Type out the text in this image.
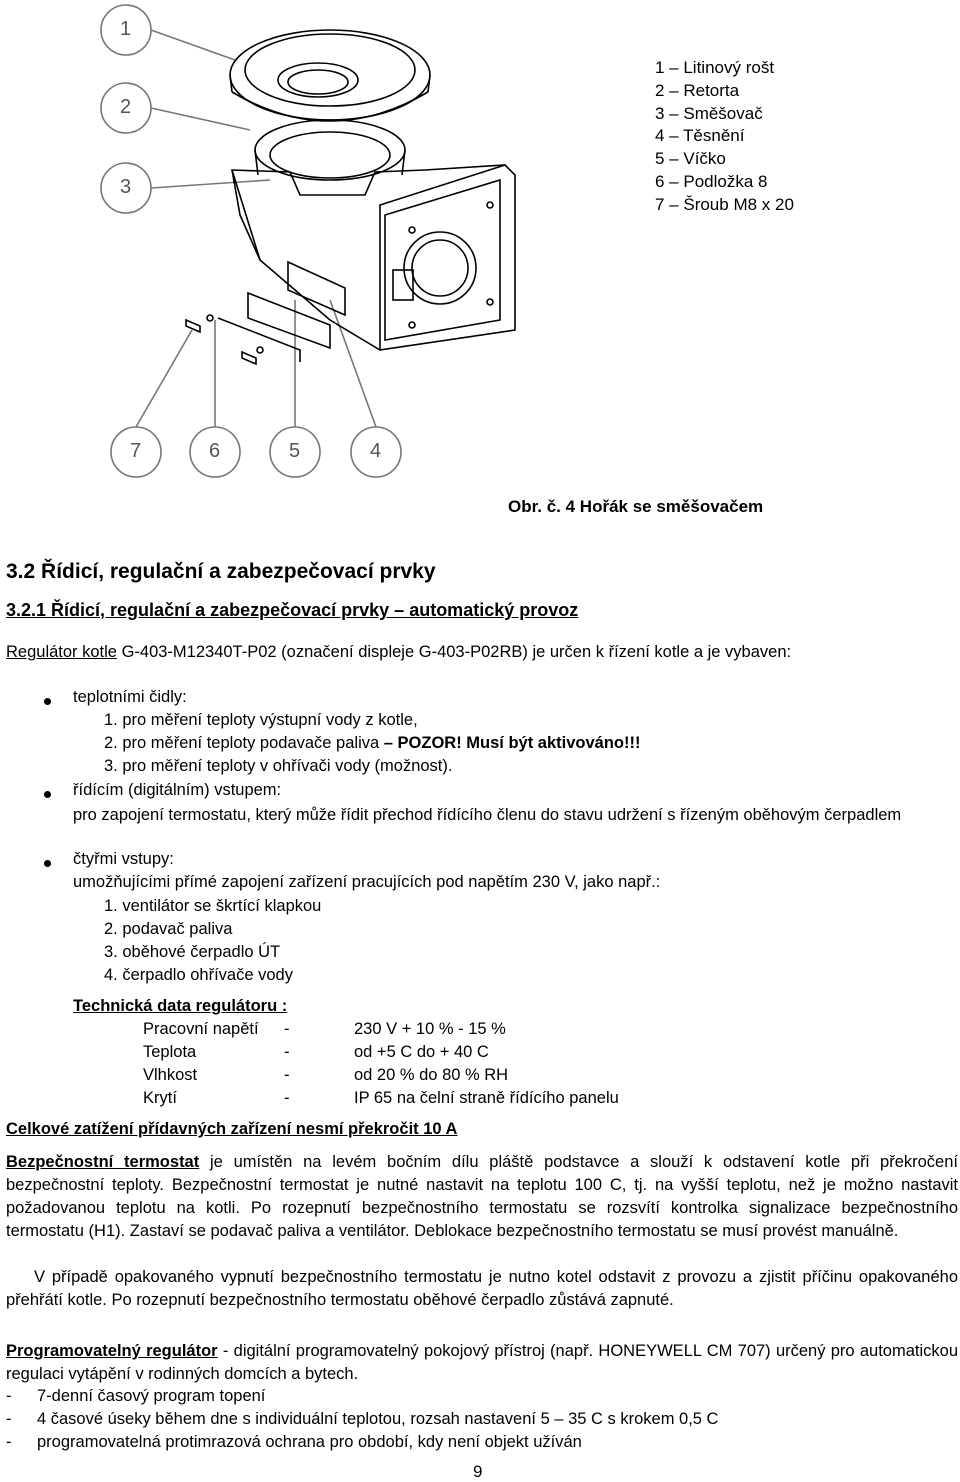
1
2
3
7	6	5	4
1 – Litinový rošt
2 – Retorta
3 – Směšovač
4 – Těsnění
5 – Víčko
6 – Podložka 8
7 – Šroub M8 x 20
Obr. č. 4 Hořák se směšovačem
3.2 Řídicí, regulační a zabezpečovací prvky
3.2.1 Řídicí, regulační a zabezpečovací prvky – automatický provoz
Regulátor kotle G-403-M12340T-P02 (označení displeje G-403-P02RB) je určen k řízení kotle a je vybaven:
teplotními čidly:
1. pro měření teploty výstupní vody z kotle,
2. pro měření teploty podavače paliva – POZOR! Musí být aktivováno!!!
3. pro měření teploty v ohřívači vody (možnost).
řídícím (digitálním) vstupem:
pro zapojení termostatu, který může řídit přechod řídícího členu do stavu udržení s řízeným oběhovým čerpadlem
čtyřmi vstupy:
umožňujícími přímé zapojení zařízení pracujících pod napětím 230 V, jako např.:
1. ventilátor se škrtící klapkou
2. podavač paliva
3. oběhové čerpadlo ÚT
4. čerpadlo ohřívače vody
Technická data regulátoru :
Pracovní napětí -	230 V + 10 % - 15 %
Teplota	-	od +5 C do + 40 C
Vlhkost	-	od 20 % do 80 % RH
Krytí	-	IP 65 na čelní straně řídícího panelu
Celkové zatížení přídavných zařízení nesmí překročit 10 A
Bezpečnostní termostat je umístěn na levém bočním dílu pláště podstavce a slouží k odstavení kotle při překročení bezpečnostní teploty. Bezpečnostní termostat je nutné nastavit na teplotu 100 C, tj. na vyšší teplotu, než je možno nastavit požadovanou teplotu na kotli. Po rozepnutí bezpečnostního termostatu se rozsvítí kontrolka signalizace bezpečnostního termostatu (H1). Zastaví se podavač paliva a ventilátor. Deblokace bezpečnostního termostatu se musí provést manuálně.
V případě opakovaného vypnutí bezpečnostního termostatu je nutno kotel odstavit z provozu a zjistit příčinu opakovaného přehřátí kotle. Po rozepnutí bezpečnostního termostatu oběhové čerpadlo zůstává zapnuté.
Programovatelný regulátor - digitální programovatelný pokojový přístroj (např. HONEYWELL CM 707) určený pro automatickou regulaci vytápění v rodinných domcích a bytech.
- 7-denní časový program topení
- 4 časové úseky během dne s individuální teplotou, rozsah nastavení 5 – 35 C s krokem 0,5 C
- programovatelná protimrazová ochrana pro období, kdy není objekt užíván
9
